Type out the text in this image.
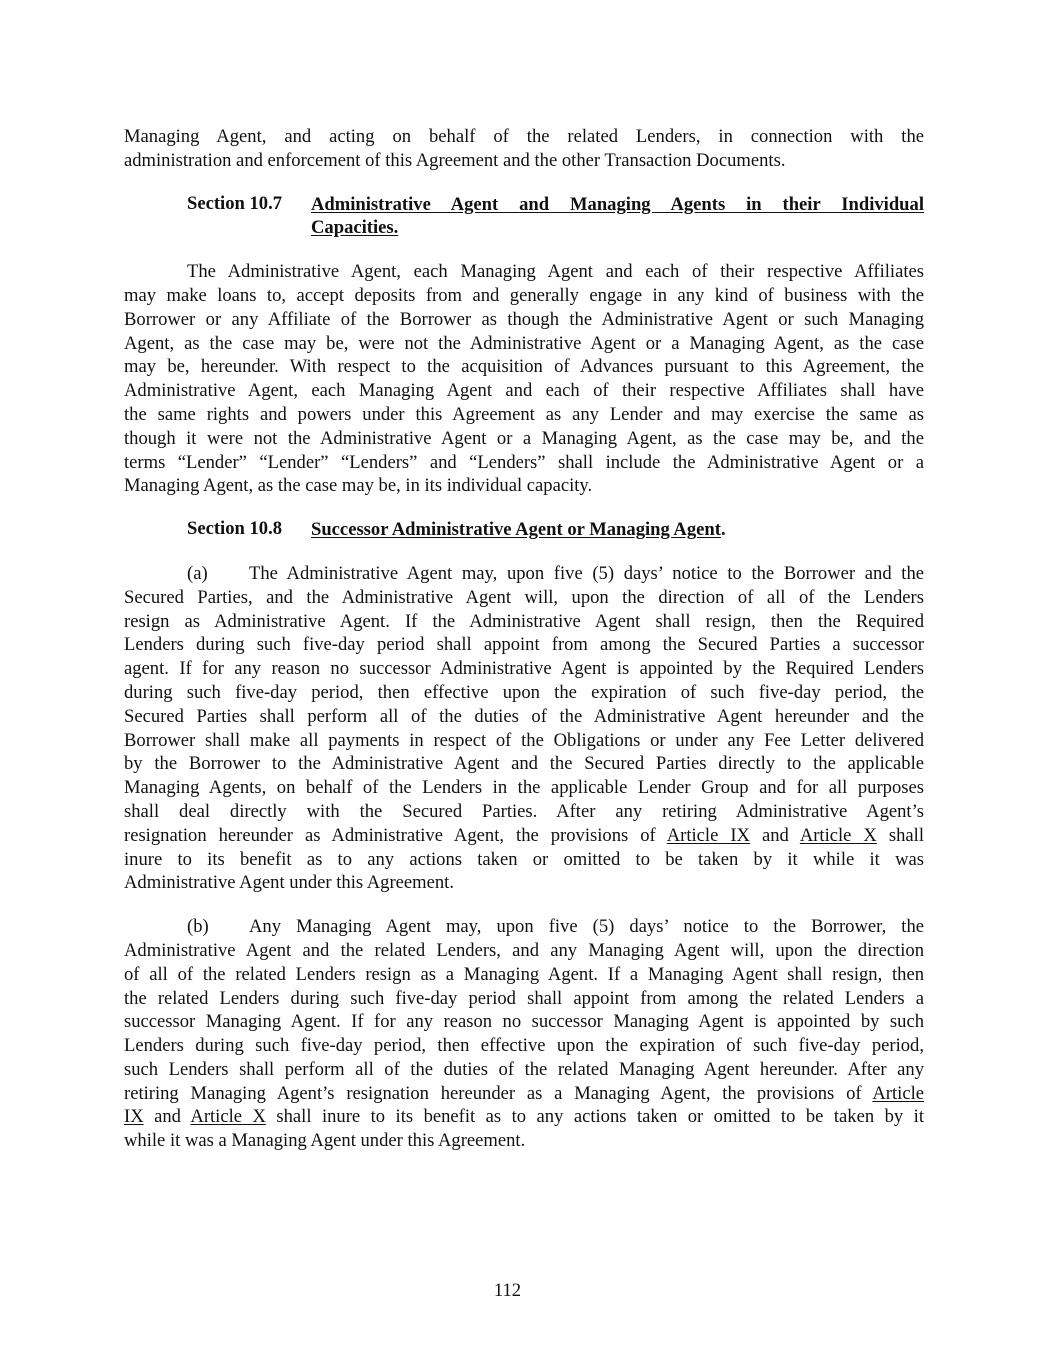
Managing Agent, and acting on behalf of the related Lenders, in connection with the
administration and enforcement of this Agreement and the other Transaction Documents.
Section 10.7	Administrative Agent and Managing Agents in their Individual
Capacities.
The Administrative Agent, each Managing Agent and each of their respective Affiliates
may make loans to, accept deposits from and generally engage in any kind of business with the
Borrower or any Affiliate of the Borrower as though the Administrative Agent or such Managing
Agent, as the case may be, were not the Administrative Agent or a Managing Agent, as the case
may be, hereunder. With respect to the acquisition of Advances pursuant to this Agreement, the
Administrative Agent, each Managing Agent and each of their respective Affiliates shall have
the same rights and powers under this Agreement as any Lender and may exercise the same as
though it were not the Administrative Agent or a Managing Agent, as the case may be, and the
terms “Lender” “Lender” “Lenders” and “Lenders” shall include the Administrative Agent or a
Managing Agent, as the case may be, in its individual capacity.
Section 10.8	Successor Administrative Agent or Managing Agent.
(a)	The Administrative Agent may, upon five (5) days’ notice to the Borrower and the
Secured Parties, and the Administrative Agent will, upon the direction of all of the Lenders
resign as Administrative Agent. If the Administrative Agent shall resign, then the Required
Lenders during such five-day period shall appoint from among the Secured Parties a successor
agent. If for any reason no successor Administrative Agent is appointed by the Required Lenders
during such five-day period, then effective upon the expiration of such five-day period, the
Secured Parties shall perform all of the duties of the Administrative Agent hereunder and the
Borrower shall make all payments in respect of the Obligations or under any Fee Letter delivered
by the Borrower to the Administrative Agent and the Secured Parties directly to the applicable
Managing Agents, on behalf of the Lenders in the applicable Lender Group and for all purposes
shall deal directly with the Secured Parties. After any retiring Administrative Agent’s
resignation hereunder as Administrative Agent, the provisions of Article IX and Article X shall
inure to its benefit as to any actions taken or omitted to be taken by it while it was
Administrative Agent under this Agreement.
(b)	Any Managing Agent may, upon five (5) days’ notice to the Borrower, the
Administrative Agent and the related Lenders, and any Managing Agent will, upon the direction
of all of the related Lenders resign as a Managing Agent. If a Managing Agent shall resign, then
the related Lenders during such five-day period shall appoint from among the related Lenders a
successor Managing Agent. If for any reason no successor Managing Agent is appointed by such
Lenders during such five-day period, then effective upon the expiration of such five-day period,
such Lenders shall perform all of the duties of the related Managing Agent hereunder. After any
retiring Managing Agent’s resignation hereunder as a Managing Agent, the provisions of Article
IX and Article X shall inure to its benefit as to any actions taken or omitted to be taken by it
while it was a Managing Agent under this Agreement.
112
